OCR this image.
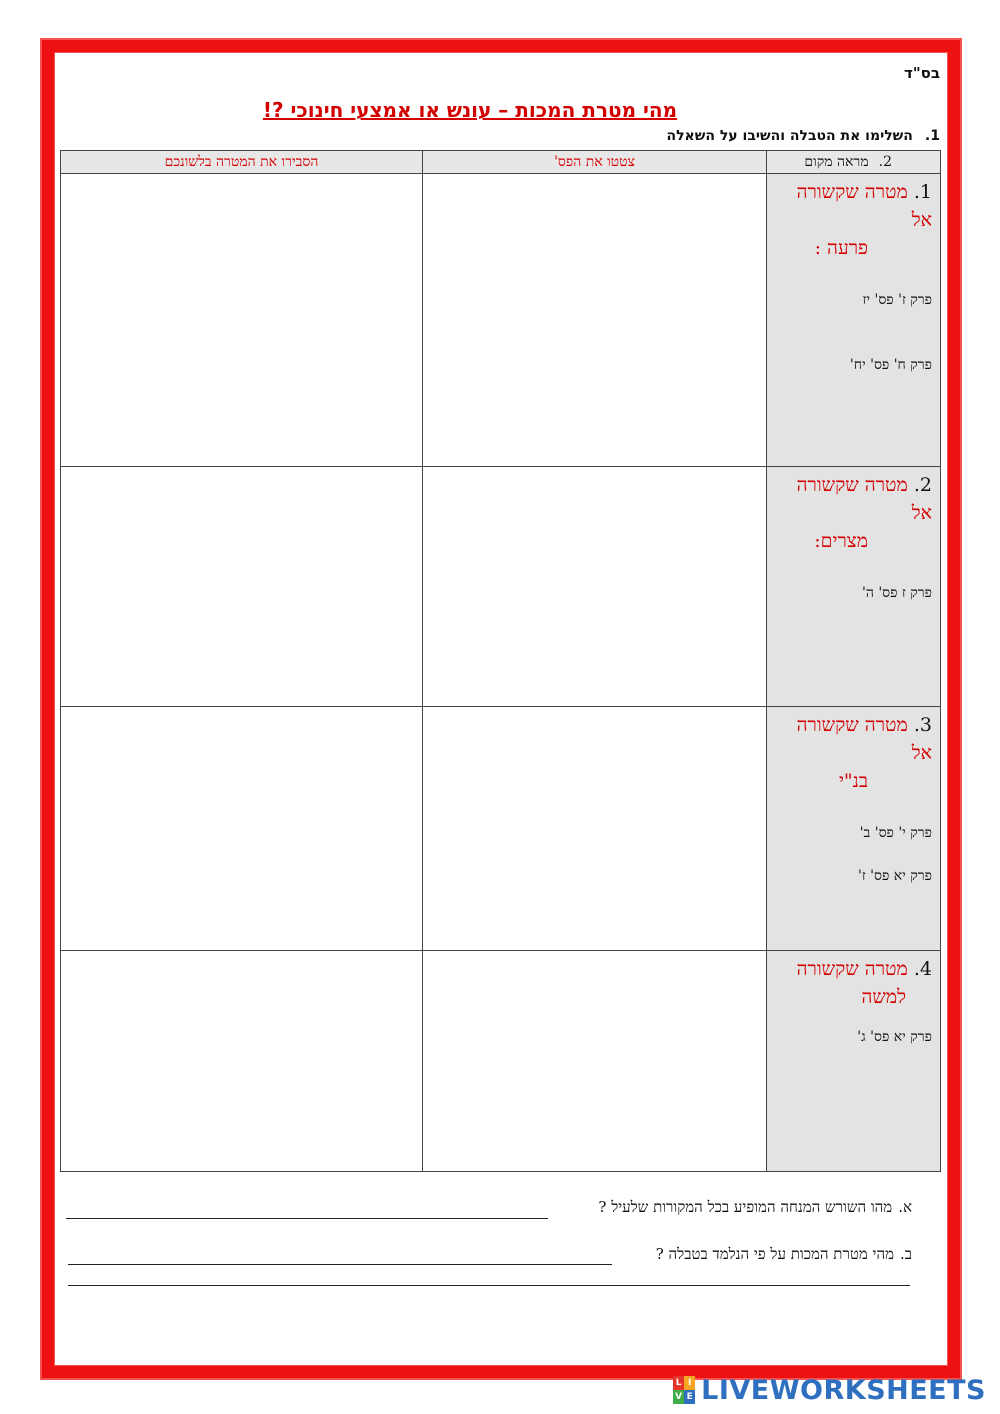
בס"ד
מהי מטרת המכות – עונש או אמצעי חינוכי ?!
1.השלימו את הטבלה והשיבו על השאלה
2.מראה מקום	צטטו את הפס'	הסבירו את המטרה בלשונכם

1. מטרה שקשורה אל
פרעה :
פרק ז' פס' יז
פרק ח' פס' יח'		

2. מטרה שקשורה אל
מצרים:
פרק ז פס' ה'		

3. מטרה שקשורה אל
בנ"י
פרק י' פס' ב'
פרק יא פס' ז'		

4. מטרה שקשורה
למשה
פרק יא פס' ג'		

א.מהו השורש המנחה המופיע בכל המקורות שלעיל ?
ב.מהי מטרת המכות על פי הנלמד בטבלה ?
L I
V E LIVEWORKSHEETS
